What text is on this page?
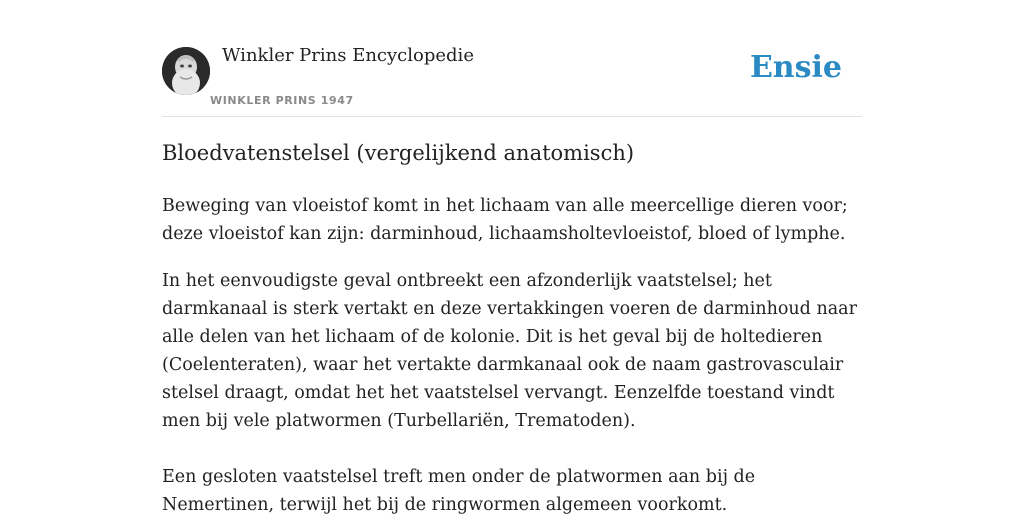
Winkler Prins Encyclopedie
WINKLER PRINS 1947
Ensie
Bloedvatenstelsel (vergelijkend anatomisch)

Beweging van vloeistof komt in het lichaam van alle meercellige dieren voor; deze vloeistof kan zijn: darminhoud, lichaamsholtevloeistof, bloed of lymphe.

In het eenvoudigste geval ontbreekt een afzonderlijk vaatstelsel; het darmkanaal is sterk vertakt en deze vertakkingen voeren de darminhoud naar alle delen van het lichaam of de kolonie. Dit is het geval bij de holtedieren (Coelenteraten), waar het vertakte darmkanaal ook de naam gastrovasculair stelsel draagt, omdat het het vaatstelsel vervangt. Eenzelfde toestand vindt men bij vele platwormen (Turbellariën, Trematoden).

Een gesloten vaatstelsel treft men onder de platwormen aan bij de Nemertinen, terwijl het bij de ringwormen algemeen voorkomt.
